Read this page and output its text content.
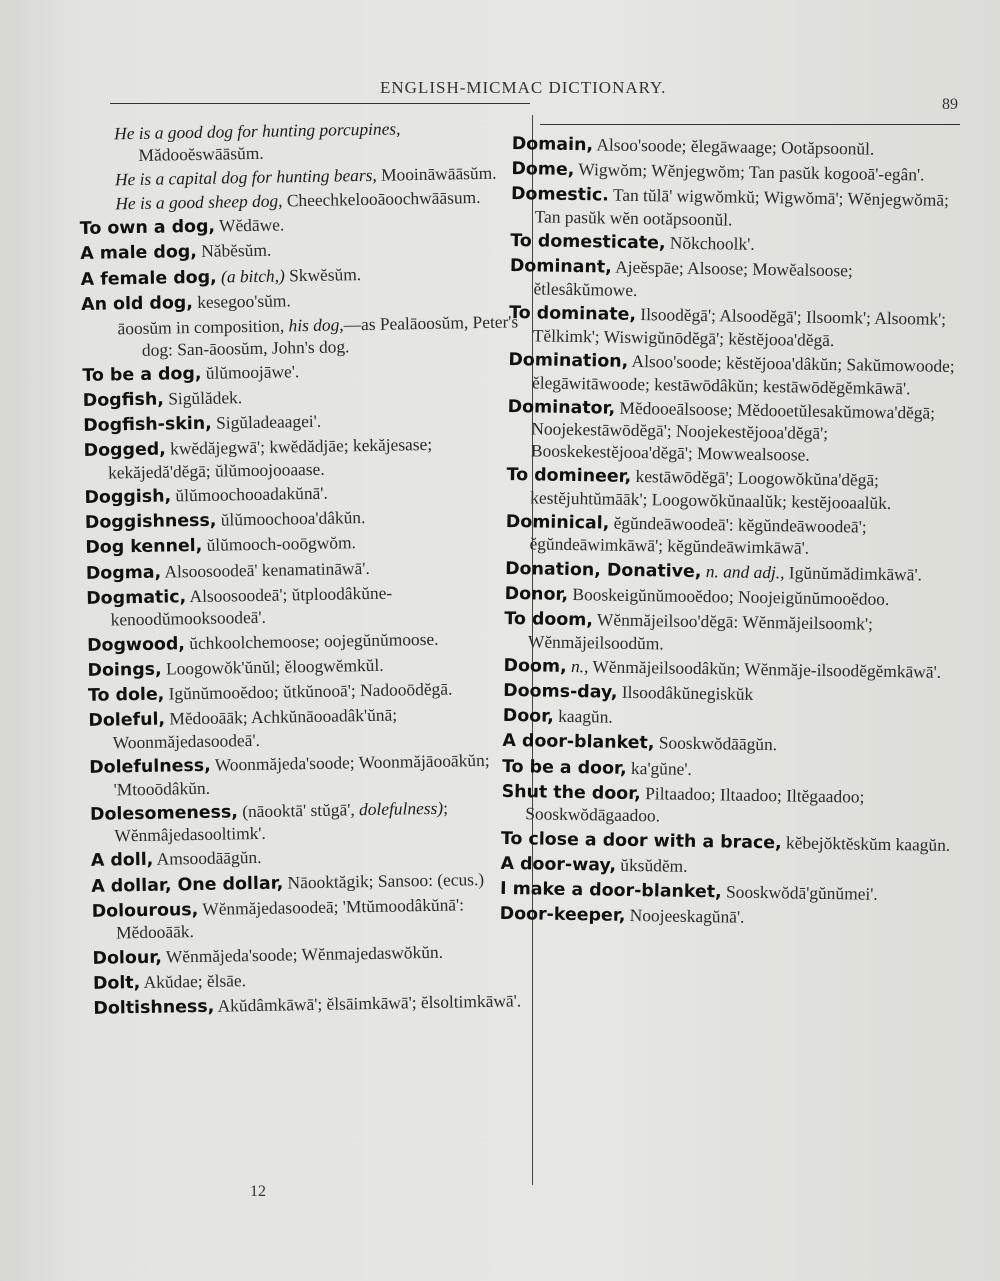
ENGLISH-MICMAC DICTIONARY.
89
He is a good dog for hunting porcupines, Mădooĕswāāsŭm.
He is a capital dog for hunting bears, Mooināwāāsŭm.
He is a good sheep dog, Cheechkelooāoochwāāsum.
To own a dog, Wĕdāwe.
A male dog, Năbĕsŭm.
A female dog, (a bitch,) Skwĕsŭm.
An old dog, kesegoo'sŭm.
āoosŭm in composition, his dog,—as Pealāoosŭm, Peter's dog: San-āoosŭm, John's dog.
To be a dog, ŭlŭmoojāwe'.
Dogfish, Sigŭlădek.
Dogfish-skin, Sigŭladeaagei'.
Dogged, kwĕdăjegwā'; kwĕdădjāe; kekăjesase; kekăjedă'dĕgā; ŭlŭmoojooaase.
Doggish, ŭlŭmoochooadakŭnā'.
Doggishness, ŭlŭmoochooa'dâkŭn.
Dog kennel, ŭlŭmooch-ooōgwŏm.
Dogma, Alsoosoodeā' kenamatināwā'.
Dogmatic, Alsoosoodeā'; ŭtploodâkŭne-kenoodŭmooksoodeā'.
Dogwood, ŭchkoolchemoose; oojegŭnŭmoose.
Doings, Loogowŏk'ŭnŭl; ĕloogwĕmkŭl.
To dole, Igŭnŭmooĕdoo; ŭtkŭnooā'; Nadooōdĕgā.
Doleful, Mĕdooāāk; Achkŭnāooadâk'ŭnā; Woonmăjedasoodeā'.
Dolefulness, Woonmăjeda'soode; Woonmăjāooākŭn; 'Mtooōdâkŭn.
Dolesomeness, (nāooktā' stŭgā', dolefulness); Wĕnmâjedasooltimk'.
A doll, Amsoodāāgŭn.
A dollar, One dollar, Nāooktăgik; Sansoo: (ecus.)
Dolourous, Wĕnmăjedasoodeā; 'Mtŭmoodâkŭnā': Mĕdooāāk.
Dolour, Wĕnmăjeda'soode; Wĕnmajedaswŏkŭn.
Dolt, Akŭdae; ĕlsāe.
Doltishness, Akŭdâmkāwā'; ĕlsāimkāwā'; ĕlsoltimkāwā'.
Domain, Alsoo'soode; ĕlegāwaage; Ootăpsoonŭl.
Dome, Wigwŏm; Wĕnjegwŏm; Tan pasŭk kogooā'-egân'.
Domestic. Tan tŭlā' wigwŏmkŭ; Wigwŏmā'; Wĕnjegwŏmā; Tan pasŭk wĕn ootăpsoonŭl.
To domesticate, Nŏkchoolk'.
Dominant, Ajeĕspāe; Alsoose; Mowĕalsoose; ĕtlesâkŭmowe.
To dominate, Ilsoodĕgā'; Alsoodĕgā'; Ilsoomk'; Alsoomk'; Tĕlkimk'; Wiswigŭnōdĕgā'; kĕstĕjooa'dĕgā.
Domination, Alsoo'soode; kĕstĕjooa'dâkŭn; Sakŭmowoode; ĕlegāwitāwoode; kestāwōdâkŭn; kestāwōdĕgĕmkāwā'.
Dominator, Mĕdooeālsoose; Mĕdooetŭlesakŭmowa'dĕgā; Noojekestāwōdĕgā'; Noojekestĕjooa'dĕgā'; Booskekestĕjooa'dĕgā'; Mowwealsoose.
To domineer, kestāwōdĕgā'; Loogowŏkŭna'dĕgā; kestĕjuhtŭmāāk'; Loogowŏkŭnaalŭk; kestĕjooaalŭk.
Dominical, ĕgŭndeāwoodeā': kĕgŭndeāwoodeā'; ĕgŭndeāwimkāwā'; kĕgŭndeāwimkāwā'.
Donation, Donative, n. and adj., Igŭnŭmădimkāwā'.
Donor, Booskeigŭnŭmooĕdoo; Noojeigŭnŭmooĕdoo.
To doom, Wĕnmăjeilsoo'dĕgā: Wĕnmăjeilsoomk'; Wĕnmăjeilsoodŭm.
Doom, n., Wĕnmăjeilsoodâkŭn; Wĕnmăje-ilsoodĕgĕmkāwā'.
Dooms-day, Ilsoodâkŭnegiskŭk
Door, kaagŭn.
A door-blanket, Sooskwŏdāāgŭn.
To be a door, ka'gŭne'.
Shut the door, Piltaadoo; Iltaadoo; Iltĕgaadoo; Sooskwŏdāgaadoo.
To close a door with a brace, kĕbejŏktĕskŭm kaagŭn.
A door-way, ŭksŭdĕm.
I make a door-blanket, Sooskwŏdā'gŭnŭmei'.
Door-keeper, Noojeeskagŭnā'.
12
